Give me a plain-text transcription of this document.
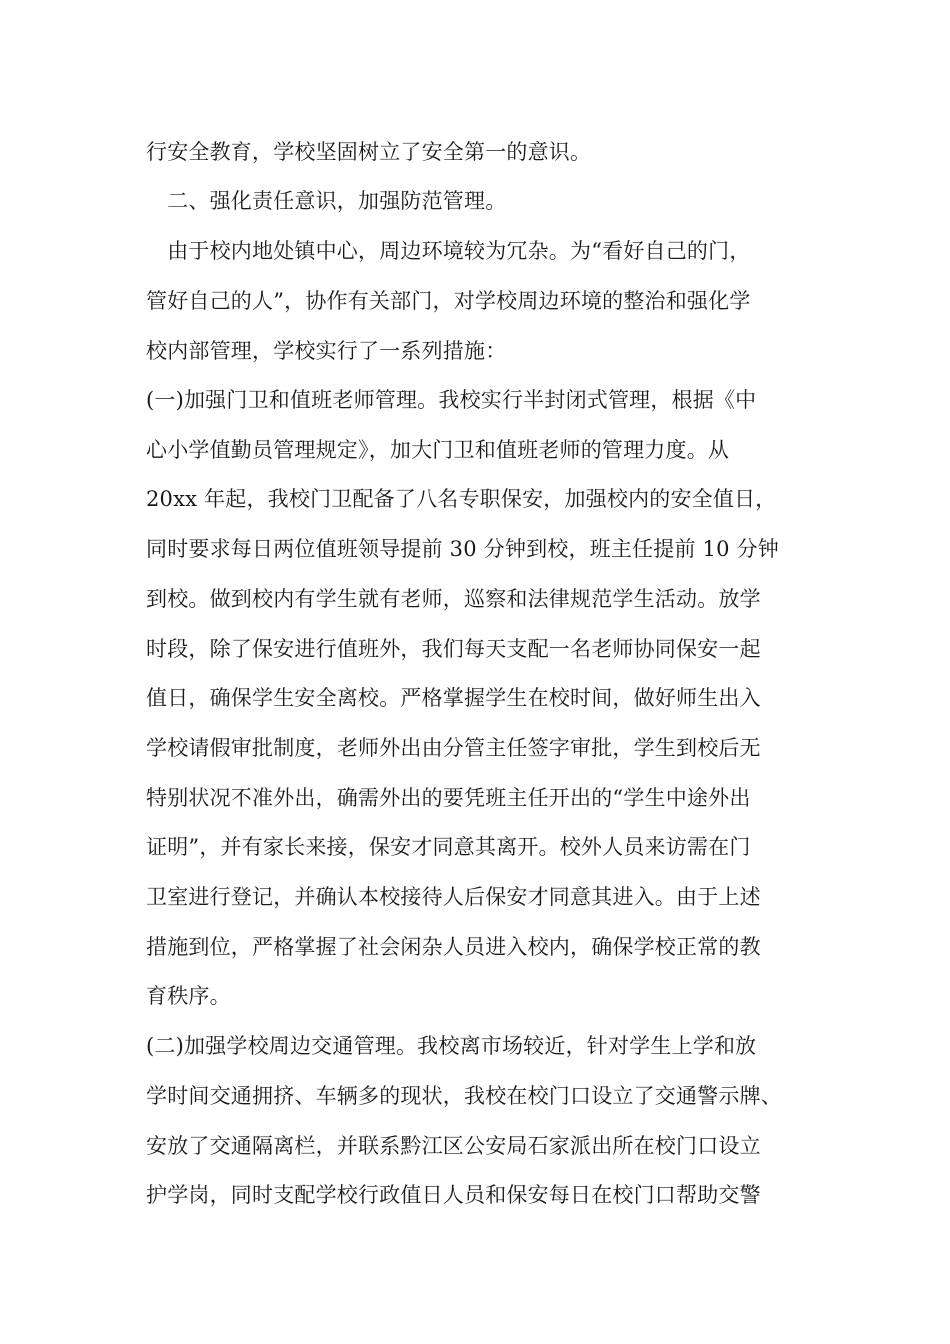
行安全教育，学校坚固树立了安全第一的意识。
　二、强化责任意识，加强防范管理。
　由于校内地处镇中心，周边环境较为冗杂。为“看好自己的门，
管好自己的人”，协作有关部门，对学校周边环境的整治和强化学
校内部管理，学校实行了一系列措施：
(一)加强门卫和值班老师管理。我校实行半封闭式管理，根据《中
心小学值勤员管理规定》，加大门卫和值班老师的管理力度。从
20xx 年起，我校门卫配备了八名专职保安，加强校内的安全值日，
同时要求每日两位值班领导提前 30 分钟到校，班主任提前 10 分钟
到校。做到校内有学生就有老师，巡察和法律规范学生活动。放学
时段，除了保安进行值班外，我们每天支配一名老师协同保安一起
值日，确保学生安全离校。严格掌握学生在校时间，做好师生出入
学校请假审批制度，老师外出由分管主任签字审批，学生到校后无
特别状况不准外出，确需外出的要凭班主任开出的“学生中途外出
证明”，并有家长来接，保安才同意其离开。校外人员来访需在门
卫室进行登记，并确认本校接待人后保安才同意其进入。由于上述
措施到位，严格掌握了社会闲杂人员进入校内，确保学校正常的教
育秩序。
(二)加强学校周边交通管理。我校离市场较近，针对学生上学和放
学时间交通拥挤、车辆多的现状，我校在校门口设立了交通警示牌、
安放了交通隔离栏，并联系黔江区公安局石家派出所在校门口设立
护学岗，同时支配学校行政值日人员和保安每日在校门口帮助交警
